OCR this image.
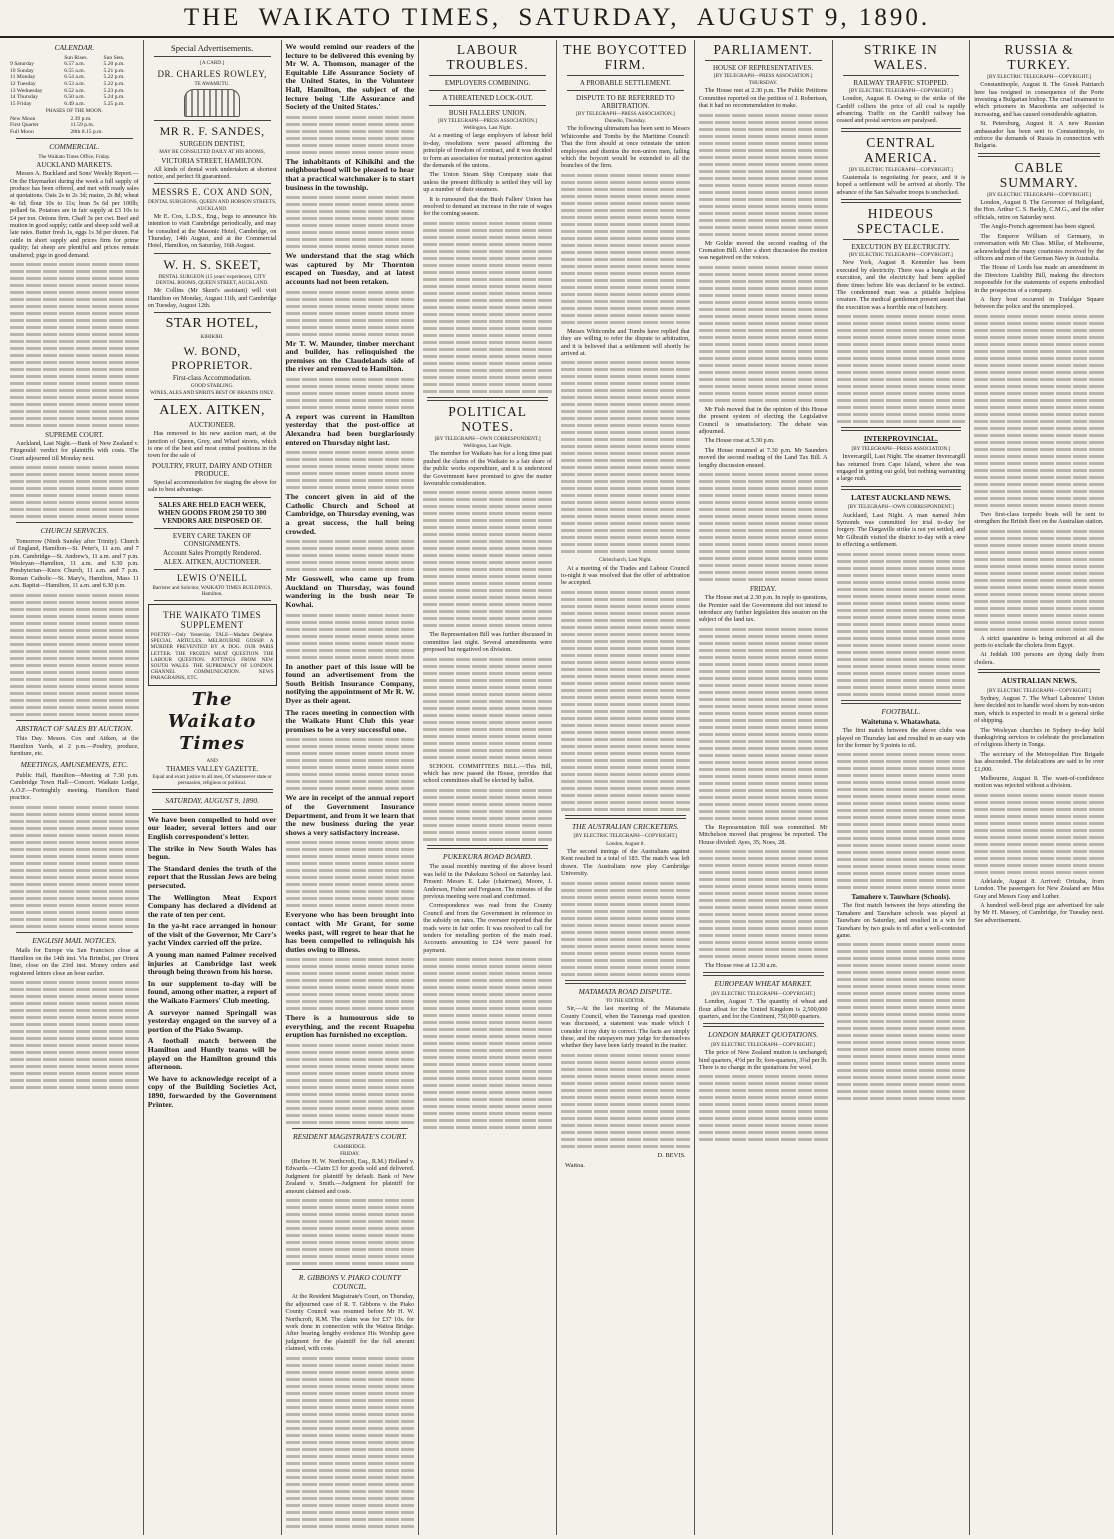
THE WAIKATO TIMES, SATURDAY, AUGUST 9, 1890.
CALENDAR.
	Sun Rises.	Sun Sets.
9 Saturday	6.57 a.m.	5.20 p.m.
10 Sunday	6.55 a.m.	5.21 p.m.
11 Monday	6.54 a.m.	5.22 p.m.
12 Tuesday	6.53 a.m.	5.22 p.m.
13 Wednesday	6.52 a.m.	5.23 p.m.
14 Thursday	6.50 a.m.	5.24 p.m.
15 Friday	6.49 a.m.	5.25 p.m.
PHASES OF THE MOON.
New Moon	2.39 p.m.
First Quarter	11.59 p.m.
Full Moon	28th 8.15 p.m.
COMMERCIAL.
The Waikato Times Office, Friday.
AUCKLAND MARKETS.

Messrs A. Buckland and Sons' Weekly Report.—On the Haymarket during the week a full supply of produce has been offered, and met with ready sales at quotations. Oats 2s to 2s 3d; maize, 2s 8d; wheat 4s 6d; flour 10s to 11s; bran 5s 6d per 100lb; pollard 6s. Potatoes are in fair supply at £3 10s to £4 per ton. Onions firm. Chaff 3s per cwt. Beef and mutton in good supply; cattle and sheep sold well at late rates. Butter fresh 1s, eggs 1s 3d per dozen. Fat cattle in short supply and prices firm for prime quality; fat sheep are plentiful and prices remain unaltered; pigs in good demand.

SUPREME COURT.

Auckland, Last Night.—Bank of New Zealand v. Fitzgerald: verdict for plaintiffs with costs. The Court adjourned till Monday next.

CHURCH SERVICES.

Tomorrow (Ninth Sunday after Trinity). Church of England, Hamilton—St. Peter's, 11 a.m. and 7 p.m. Cambridge—St. Andrew's, 11 a.m. and 7 p.m. Wesleyan—Hamilton, 11 a.m. and 6.30 p.m. Presbyterian—Knox Church, 11 a.m. and 7 p.m. Roman Catholic—St. Mary's, Hamilton, Mass 11 a.m. Baptist—Hamilton, 11 a.m. and 6.30 p.m.

ABSTRACT OF SALES BY AUCTION.

This Day. Messrs. Cox and Aitken, at the Hamilton Yards, at 2 p.m.—Poultry, produce, furniture, etc.

MEETINGS, AMUSEMENTS, ETC.

Public Hall, Hamilton—Meeting at 7.30 p.m. Cambridge Town Hall—Concert. Waikato Lodge, A.O.F.—Fortnightly meeting. Hamilton Band practice.

ENGLISH MAIL NOTICES.

Mails for Europe via San Francisco close at Hamilton on the 14th inst. Via Brindisi, per Orient liner, close on the 23rd inst. Money orders and registered letters close an hour earlier.

Special Advertisements.
[A CARD.]
DR. CHARLES ROWLEY,
TE AWAMUTU.
MR R. F. SANDES,
SURGEON DENTIST,
MAY BE CONSULTED DAILY AT HIS ROOMS,
VICTORIA STREET, HAMILTON.

All kinds of dental work undertaken at shortest notice, and perfect fit guaranteed.

MESSRS E. COX AND SON,
DENTAL SURGEONS, QUEEN AND HOBSON STREETS, AUCKLAND.

Mr E. Cox, L.D.S., Eng., begs to announce his intention to visit Cambridge periodically, and may be consulted at the Masonic Hotel, Cambridge, on Thursday, 14th August, and at the Commercial Hotel, Hamilton, on Saturday, 16th August.

W. H. S. SKEET,
DENTAL SURGEON (15 years' experience), CITY DENTAL ROOMS, QUEEN STREET, AUCKLAND.

Mr Collins (Mr Skeet's assistant) will visit Hamilton on Monday, August 11th, and Cambridge on Tuesday, August 12th.

STAR HOTEL,
KIHIKIHI.
W. BOND, PROPRIETOR.
First-class Accommodation.
GOOD STABLING.
WINES, ALES AND SPIRITS BEST OF BRANDS ONLY.
ALEX. AITKEN,
AUCTIONEER.

Has removed to his new auction mart, at the junction of Queen, Grey, and Wharf streets, which is one of the best and most central positions in the town for the sale of

POULTRY, FRUIT, DAIRY AND OTHER PRODUCE.

Special accommodation for staging the above for sale to best advantage.

SALES ARE HELD EACH WEEK, WHEN GOODS FROM 250 TO 300 VENDORS ARE DISPOSED OF.
EVERY CARE TAKEN OF CONSIGNMENTS.
Account Sales Promptly Rendered.
ALEX. AITKEN, AUCTIONEER.
LEWIS O'NEILL
Barrister and Solicitor, WAIKATO TIMES BUILDINGS, Hamilton.
THE WAIKATO TIMES SUPPLEMENT
POETRY—Only Yesterday. TALE—Madam Delphine. SPECIAL ARTICLES. MELBOURNE GOSSIP. A MURDER PREVENTED BY A DOG. OUR PARIS LETTER. THE FROZEN MEAT QUESTION. THE LABOUR QUESTION. JOTTINGS FROM NEW SOUTH WALES. THE SUPREMACY OF LONDON. CHANNEL COMMUNICATION. NEWS PARAGRAPHS, ETC.
The Waikato Times
AND
THAMES VALLEY GAZETTE.
Equal and exact justice to all men, Of whatsoever state or persuasion, religious or political.
SATURDAY, AUGUST 9, 1890.

We have been compelled to hold over our leader, several letters and our English correspondent's letter.

The strike in New South Wales has begun.

The Standard denies the truth of the report that the Russian Jews are being persecuted.

The Wellington Meat Export Company has declared a dividend at the rate of ten per cent.

In the ya-ht race arranged in honour of the visit of the Governor, Mr Carr's yacht Vindex carried off the prize.

A young man named Palmer received injuries at Cambridge last week through being thrown from his horse.

In our supplement to-day will be found, among other matter, a report of the Waikato Farmers' Club meeting.

A surveyor named Springall was yesterday engaged on the survey of a portion of the Piako Swamp.

A football match between the Hamilton and Huntly teams will be played on the Hamilton ground this afternoon.

We have to acknowledge receipt of a copy of the Building Societies Act, 1890, forwarded by the Government Printer.

We would remind our readers of the lecture to be delivered this evening by Mr W. A. Thomson, manager of the Equitable Life Assurance Society of the United States, in the Volunteer Hall, Hamilton, the subject of the lecture being 'Life Assurance and Society of the United States.'

The inhabitants of Kihikihi and the neighbourhood will be pleased to hear that a practical watchmaker is to start business in the township.

We understand that the stag which was captured by Mr Thornton escaped on Tuesday, and at latest accounts had not been retaken.

Mr T. W. Maunder, timber merchant and builder, has relinquished the premises on the Claudelands side of the river and removed to Hamilton.

A report was current in Hamilton yesterday that the post-office at Alexandra had been burglariously entered on Thursday night last.

The concert given in aid of the Catholic Church and School at Cambridge, on Thursday evening, was a great success, the hall being crowded.

Mr Gosswell, who came up from Auckland on Thursday, was found wandering in the bush near Te Kowhai.

In another part of this issue will be found an advertisement from the South British Insurance Company, notifying the appointment of Mr R. W. Dyer as their agent.

The races meeting in connection with the Waikato Hunt Club this year promises to be a very successful one.

We are in receipt of the annual report of the Government Insurance Department, and from it we learn that the new business during the year shows a very satisfactory increase.

Everyone who has been brought into contact with Mr Grant, for some weeks past, will regret to hear that he has been compelled to relinquish his duties owing to illness.

There is a humourous side to everything, and the recent Ruapehu eruption has furnished no exception.

RESIDENT MAGISTRATE'S COURT.
CAMBRIDGE.
FRIDAY.

(Before H. W. Northcroft, Esq., R.M.) Holland v. Edwards.—Claim £3 for goods sold and delivered. Judgment for plaintiff by default. Bank of New Zealand v. Smith.—Judgment for plaintiff for amount claimed and costs.

R. GIBBONS V. PIAKO COUNTY COUNCIL.

At the Resident Magistrate's Court, on Thursday, the adjourned case of R. T. Gibbons v. the Piako County Council was resumed before Mr H. W. Northcroft, R.M. The claim was for £37 10s. for work done in connection with the Waitoa Bridge. After hearing lengthy evidence His Worship gave judgment for the plaintiff for the full amount claimed, with costs.

LABOUR TROUBLES.
EMPLOYERS COMBINING.
A THREATENED LOCK-OUT.
BUSH FALLERS' UNION.
[BY TELEGRAPH—PRESS ASSOCIATION.]
Wellington, Last Night.

At a meeting of large employers of labour held to-day, resolutions were passed affirming the principle of freedom of contract, and it was decided to form an association for mutual protection against the demands of the unions.

The Union Steam Ship Company state that unless the present difficulty is settled they will lay up a number of their steamers.

It is rumoured that the Bush Fallers' Union has resolved to demand an increase in the rate of wages for the coming season.

POLITICAL NOTES.
[BY TELEGRAPH—OWN CORRESPONDENT.]
Wellington, Last Night.

The member for Waikato has for a long time past pushed the claims of the Waikato to a fair share of the public works expenditure, and it is understood the Government have promised to give the matter favourable consideration.

The Representation Bill was further discussed in committee last night. Several amendments were proposed but negatived on division.

SCHOOL COMMITTEES BILL.—This Bill, which has now passed the House, provides that school committees shall be elected by ballot.

PUKEKURA ROAD BOARD.

The usual monthly meeting of the above board was held in the Pukekura School on Saturday last. Present: Messrs E. Lake (chairman), Moore, J. Anderson, Fisher and Ferguson. The minutes of the previous meeting were read and confirmed.

Correspondence was read from the County Council and from the Government in reference to the subsidy on rates. The overseer reported that the roads were in fair order. It was resolved to call for tenders for metalling portion of the main road. Accounts amounting to £24 were passed for payment.

THE BOYCOTTED FIRM.
A PROBABLE SETTLEMENT.
DISPUTE TO BE REFERRED TO ARBITRATION.
[BY TELEGRAPH—PRESS ASSOCIATION.]
Dunedin, Thursday.

The following ultimatum has been sent to Messrs Whitcombe and Tombs by the Maritime Council: That the firm should at once reinstate the union employees and dismiss the non-union men, failing which the boycott would be extended to all the branches of the firm.

Messrs Whitcombe and Tombs have replied that they are willing to refer the dispute to arbitration, and it is believed that a settlement will shortly be arrived at.

Christchurch, Last Night.

At a meeting of the Trades and Labour Council to-night it was resolved that the offer of arbitration be accepted.

THE AUSTRALIAN CRICKETERS.
[BY ELECTRIC TELEGRAPH—COPYRIGHT.]
London, August 8.

The second innings of the Australians against Kent resulted in a total of 183. The match was left drawn. The Australians now play Cambridge University.

MATAMATA ROAD DISPUTE.
TO THE EDITOR.

Sir,—At the last meeting of the Matamata County Council, when the Tauranga road question was discussed, a statement was made which I consider it my duty to correct. The facts are simply these, and the ratepayers may judge for themselves whether they have been fairly treated in the matter.

D. BEVIS.
Waitoa.
PARLIAMENT.
HOUSE OF REPRESENTATIVES.
[BY TELEGRAPH—PRESS ASSOCIATION.]
THURSDAY.

The House met at 2.30 p.m. The Public Petitions Committee reported on the petition of J. Robertson, that it had no recommendation to make.

Mr Goldie moved the second reading of the Cremation Bill. After a short discussion the motion was negatived on the voices.

Mr Fish moved that in the opinion of this House the present system of electing the Legislative Council is unsatisfactory. The debate was adjourned.

The House rose at 5.30 p.m.

The House resumed at 7.30 p.m. Mr Saunders moved the second reading of the Land Tax Bill. A lengthy discussion ensued.

FRIDAY.

The House met at 2.30 p.m. In reply to questions, the Premier said the Government did not intend to introduce any further legislation this session on the subject of the land tax.

The Representation Bill was committed. Mr Mitchelson moved that progress be reported. The House divided: Ayes, 35; Noes, 28.

The House rose at 12.30 a.m.

EUROPEAN WHEAT MARKET.
[BY ELECTRIC TELEGRAPH—COPYRIGHT.]

London, August 7. The quantity of wheat and flour afloat for the United Kingdom is 2,500,000 quarters, and for the Continent, 750,000 quarters.

LONDON MARKET QUOTATIONS.
[BY ELECTRIC TELEGRAPH—COPYRIGHT.]

The price of New Zealand mutton is unchanged; hind quarters, 4½d per lb; fore-quarters, 3¾d per lb. There is no change in the quotations for wool.

STRIKE IN WALES.
RAILWAY TRAFFIC STOPPED.
[BY ELECTRIC TELEGRAPH—COPYRIGHT.]

London, August 8. Owing to the strike of the Cardiff colliers the price of all coal is rapidly advancing. Traffic on the Cardiff railway has ceased and postal services are paralysed.

CENTRAL AMERICA.
[BY ELECTRIC TELEGRAPH—COPYRIGHT.]

Guatemala is negotiating for peace, and it is hoped a settlement will be arrived at shortly. The advance of the San Salvador troops is unchecked.

HIDEOUS SPECTACLE.
EXECUTION BY ELECTRICITY.
[BY ELECTRIC TELEGRAPH—COPYRIGHT.]

New York, August 8. Kemmler has been executed by electricity. There was a bungle at the execution, and the electricity had been applied three times before life was declared to be extinct. The condemned man was a pitiable helpless creature. The medical gentlemen present assert that the execution was a horrible one of butchery.

INTERPROVINCIAL.
[BY TELEGRAPH—PRESS ASSOCIATION.]

Invercargill, Last Night. The steamer Invercargill has returned from Cape Island, where she was engaged in getting out gold, but nothing warranting a large rush.

LATEST AUCKLAND NEWS.
[BY TELEGRAPH—OWN CORRESPONDENT.]

Auckland, Last Night. A man named John Symonds was committed for trial to-day for forgery. The Dargaville strike is not yet settled, and Mr Gilbraith visited the district to-day with a view to effecting a settlement.

FOOTBALL.
Waitetuna v. Whatawhata.

The first match between the above clubs was played on Thursday last and resulted in an easy win for the former by 9 points to nil.

Tamahere v. Tauwhare (Schools).

The first match between the boys attending the Tamahere and Tauwhare schools was played at Tauwhare on Saturday, and resulted in a win for Tauwhare by two goals to nil after a well-contested game.

RUSSIA & TURKEY.
[BY ELECTRIC TELEGRAPH—COPYRIGHT.]

Constantinople, August 8. The Greek Patriarch here has resigned in consequence of the Porte investing a Bulgarian bishop. The cruel treatment to which prisoners in Macedonia are subjected is increasing, and has caused considerable agitation.

St. Petersburg, August 8. A new Russian ambassador has been sent to Constantinople, to enforce the demands of Russia in connection with Bulgaria.

CABLE SUMMARY.
[BY ELECTRIC TELEGRAPH—COPYRIGHT.]

London, August 8. The Governor of Heligoland, the Hon. Arthur C. S. Barkly, C.M.G., and the other officials, retire on Saturday next.

The Anglo-French agreement has been signed.

The Emperor William of Germany, in conversation with Mr Chas. Millar, of Melbourne, acknowledged the many courtesies received by the officers and men of the German Navy in Australia.

The House of Lords has made an amendment in the Directors Liability Bill, making the directors responsible for the statements of experts embodied in the prospectus of a company.

A fiery bout occurred in Trafalgar Square between the police and the unemployed.

Two first-class torpedo boats will be sent to strengthen the British fleet on the Australian station.

A strict quarantine is being enforced at all the ports to exclude the cholera from Egypt.

At Jeddah 100 persons are dying daily from cholera.

AUSTRALIAN NEWS.
[BY ELECTRIC TELEGRAPH—COPYRIGHT.]

Sydney, August 7. The Wharf Labourers' Union here decided not to handle wool shorn by non-union men, which is expected to result in a general strike of shipping.

The Wesleyan churches in Sydney to-day held thanksgiving services to celebrate the proclamation of religious liberty in Tonga.

The secretary of the Metropolitan Fire Brigade has absconded. The defalcations are said to be over £1,000.

Melbourne, August 8. The want-of-confidence motion was rejected without a division.

Adelaide, August 8. Arrived: Orizaba, from London. The passengers for New Zealand are Miss Gray and Messrs Gray and Luther.

A hundred well-bred pigs are advertised for sale by Mr H. Massey, of Cambridge, for Tuesday next. See advertisement.
